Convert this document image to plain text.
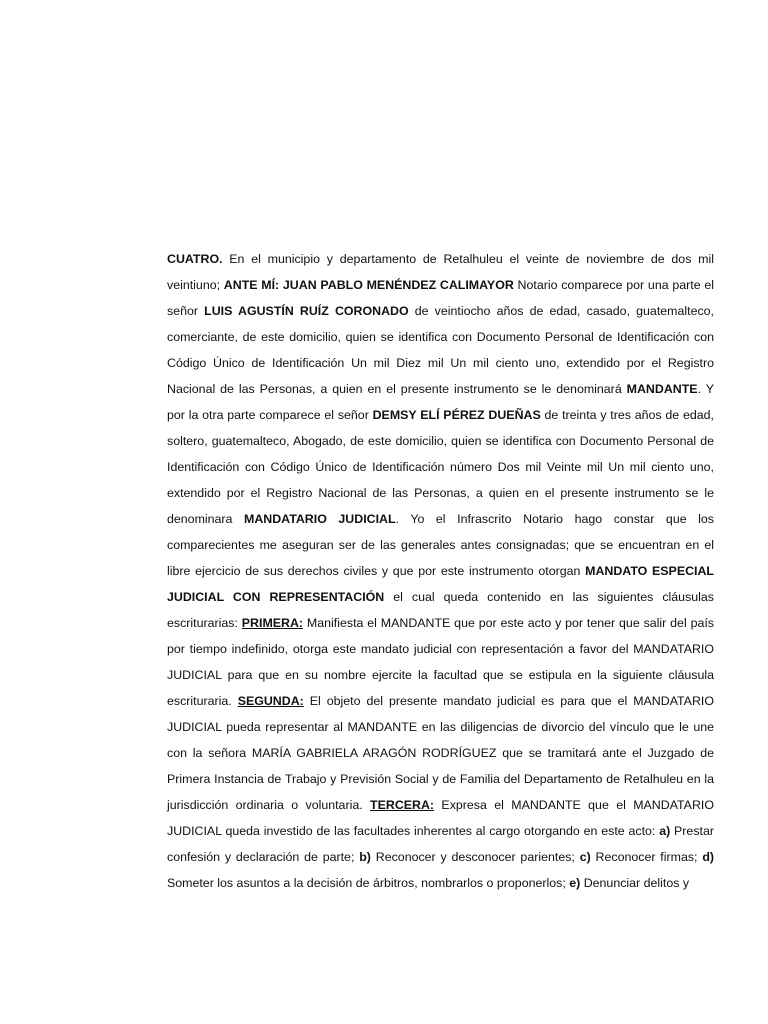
CUATRO. En el municipio y departamento de Retalhuleu el veinte de noviembre de dos mil veintiuno; ANTE MÍ: JUAN PABLO MENÉNDEZ CALIMAYOR Notario comparece por una parte el señor LUIS AGUSTÍN RUÍZ CORONADO de veintiocho años de edad, casado, guatemalteco, comerciante, de este domicilio, quien se identifica con Documento Personal de Identificación con Código Único de Identificación Un mil Diez mil Un mil ciento uno, extendido por el Registro Nacional de las Personas, a quien en el presente instrumento se le denominará MANDANTE. Y por la otra parte comparece el señor DEMSY ELÍ PÉREZ DUEÑAS de treinta y tres años de edad, soltero, guatemalteco, Abogado, de este domicilio, quien se identifica con Documento Personal de Identificación con Código Único de Identificación número Dos mil Veinte mil Un mil ciento uno, extendido por el Registro Nacional de las Personas, a quien en el presente instrumento se le denominara MANDATARIO JUDICIAL. Yo el Infrascrito Notario hago constar que los comparecientes me aseguran ser de las generales antes consignadas; que se encuentran en el libre ejercicio de sus derechos civiles y que por este instrumento otorgan MANDATO ESPECIAL JUDICIAL CON REPRESENTACIÓN el cual queda contenido en las siguientes cláusulas escriturarias: PRIMERA: Manifiesta el MANDANTE que por este acto y por tener que salir del país por tiempo indefinido, otorga este mandato judicial con representación a favor del MANDATARIO JUDICIAL para que en su nombre ejercite la facultad que se estipula en la siguiente cláusula escrituraria. SEGUNDA: El objeto del presente mandato judicial es para que el MANDATARIO JUDICIAL pueda representar al MANDANTE en las diligencias de divorcio del vínculo que le une con la señora MARÍA GABRIELA ARAGÓN RODRÍGUEZ que se tramitará ante el Juzgado de Primera Instancia de Trabajo y Previsión Social y de Familia del Departamento de Retalhuleu en la jurisdicción ordinaria o voluntaria. TERCERA: Expresa el MANDANTE que el MANDATARIO JUDICIAL queda investido de las facultades inherentes al cargo otorgando en este acto: a) Prestar confesión y declaración de parte; b) Reconocer y desconocer parientes; c) Reconocer firmas; d) Someter los asuntos a la decisión de árbitros, nombrarlos o proponerlos; e) Denunciar delitos y
